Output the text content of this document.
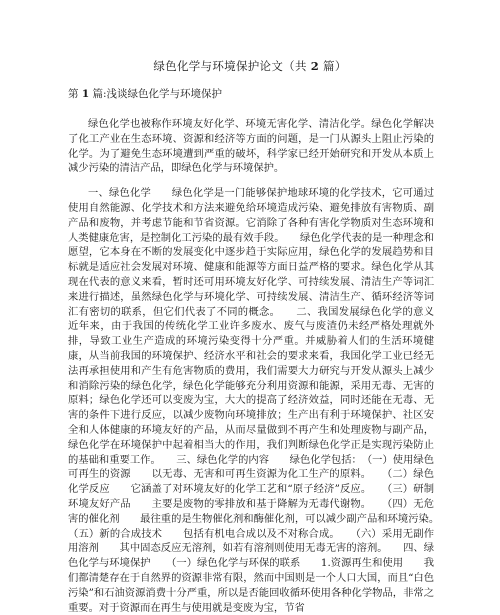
绿色化学与环境保护论文（共 2 篇）
第 1 篇:浅谈绿色化学与环境保护

绿色化学也被称作环境友好化学、环境无害化学、清洁化学。绿色化学解决了化工产业在生态环境、资源和经济等方面的问题，是一门从源头上阻止污染的化学。为了避免生态环境遭到严重的破坏，科学家已经开始研究和开发从本质上减少污染的清洁产品，即绿色化学与环境保护。

一、绿色化学　　绿色化学是一门能够保护地球环境的化学技术，它可通过使用自然能源、化学技术和方法来避免给环境造成污染、避免排放有害物质、副产品和废物，并考虑节能和节省资源。它消除了各种有害化学物质对生态环境和人类健康危害，是控制化工污染的最有效手段。　　绿色化学代表的是一种理念和愿望，它本身在不断的发展变化中逐步趋于实际应用，绿色化学的发展趋势和目标就是适应社会发展对环境、健康和能源等方面日益严格的要求。绿色化学从其现在代表的意义来看，暂时还可用环境友好化学、可持续发展、清洁生产等词汇来进行描述，虽然绿色化学与环境化学、可持续发展、清洁生产、循环经济等词汇有密切的联系，但它们代表了不同的概念。　　二、我国发展绿色化学的意义　　近年来，由于我国的传统化学工业许多废水、废气与废渣仍未经严格处理就外排，导致工业生产造成的环境污染变得十分严重。并威胁着人们的生活环境健康，从当前我国的环境保护、经济水平和社会的要求来看，我国化学工业已经无法再承担使用和产生有危害物质的费用，我们需要大力研究与开发从源头上减少和消除污染的绿色化学，绿色化学能够充分利用资源和能源，采用无毒、无害的原料；绿色化学还可以变废为宝，大大的提高了经济效益，同时还能在无毒、无害的条件下进行反应，以减少废物向环境排放；生产出有利于环境保护、社区安全和人体健康的环境友好的产品，从而尽量做到不再产生和处理废物与副产品，绿色化学在环境保护中起着相当大的作用，我们判断绿色化学正是实现污染防止的基础和重要工作。　　三、绿色化学的内容　　绿色化学包括：　（一）使用绿色可再生的资源　　以无毒、无害和可再生资源为化工生产的原料。　　（二）绿色化学反应　　它涵盖了对环境友好的化学工艺和“原子经济”反应。　　（三）研制环境友好产品　　主要是废物的零排放和基于降解为无毒代谢物。　　（四）无危害的催化剂　　最往重的是生物催化剂和酶催化剂，可以减少副产品和环境污染。　　（五）新的合成技术　　包括有机电合成以及不对称合成。　　（六）采用无副作用溶剂　　其中固态反应无溶剂，如若有溶剂则使用无毒无害的溶剂。　　四、绿色化学与环境保护　　（一）绿色化学与环保的联系　　1.资源再生和使用　　我们都清楚存在于自然界的资源非常有限，然而中国则是一个人口大国，而且“白色污染”和石油资源消费十分严重，所以是否能回收循环使用各种化学物品，非常之重要。对于资源而在再生与使用就是变废为宝，节省
